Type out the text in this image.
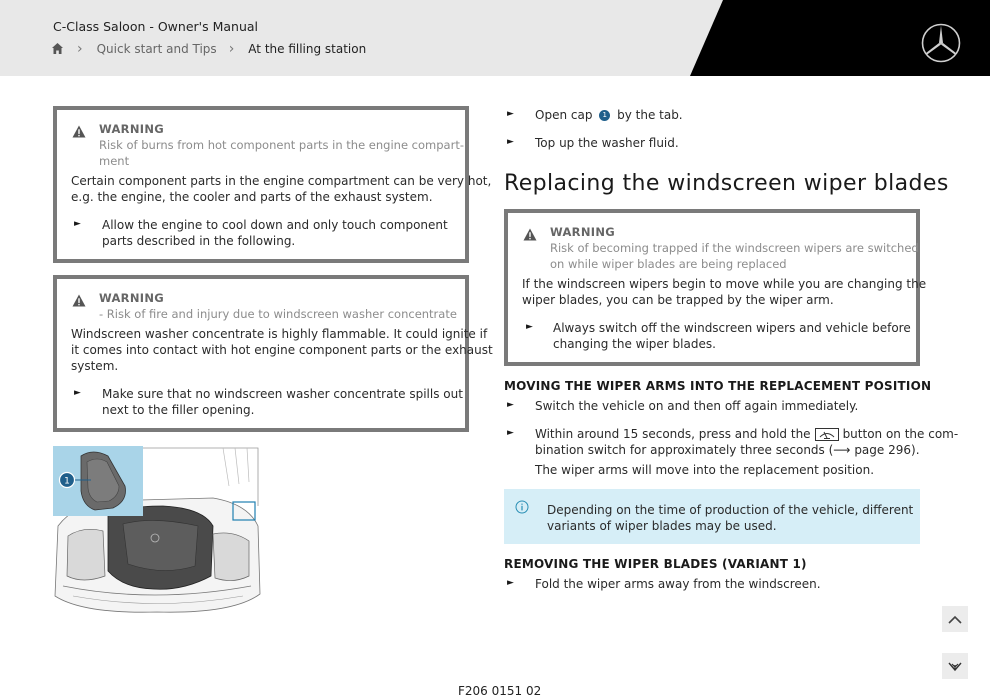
C-Class Saloon - Owner's Manual
› Quick start and Tips › At the filling station
WARNING
Risk of burns from hot component parts in the engine compart-
ment
Certain component parts in the engine compartment can be very hot,
e.g. the engine, the cooler and parts of the exhaust system.
► Allow the engine to cool down and only touch component
parts described in the following.
WARNING
- Risk of fire and injury due to windscreen washer concentrate
Windscreen washer concentrate is highly flammable. It could ignite if
it comes into contact with hot engine component parts or the exhaust
system.
► Make sure that no windscreen washer concentrate spills out
next to the filler opening.
1
F206 0151 02
► Open cap 1 by the tab.
► Top up the washer fluid.
Replacing the windscreen wiper blades
WARNING
Risk of becoming trapped if the windscreen wipers are switched
on while wiper blades are being replaced
If the windscreen wipers begin to move while you are changing the
wiper blades, you can be trapped by the wiper arm.
► Always switch off the windscreen wipers and vehicle before
changing the wiper blades.
MOVING THE WIPER ARMS INTO THE REPLACEMENT POSITION
► Switch the vehicle on and then off again immediately.
► Within around 15 seconds, press and hold the	button on the com-
bination switch for approximately three seconds (⟶ page 296).
The wiper arms will move into the replacement position.
Depending on the time of production of the vehicle, different
variants of wiper blades may be used.
REMOVING THE WIPER BLADES (VARIANT 1)
► Fold the wiper arms away from the windscreen.
